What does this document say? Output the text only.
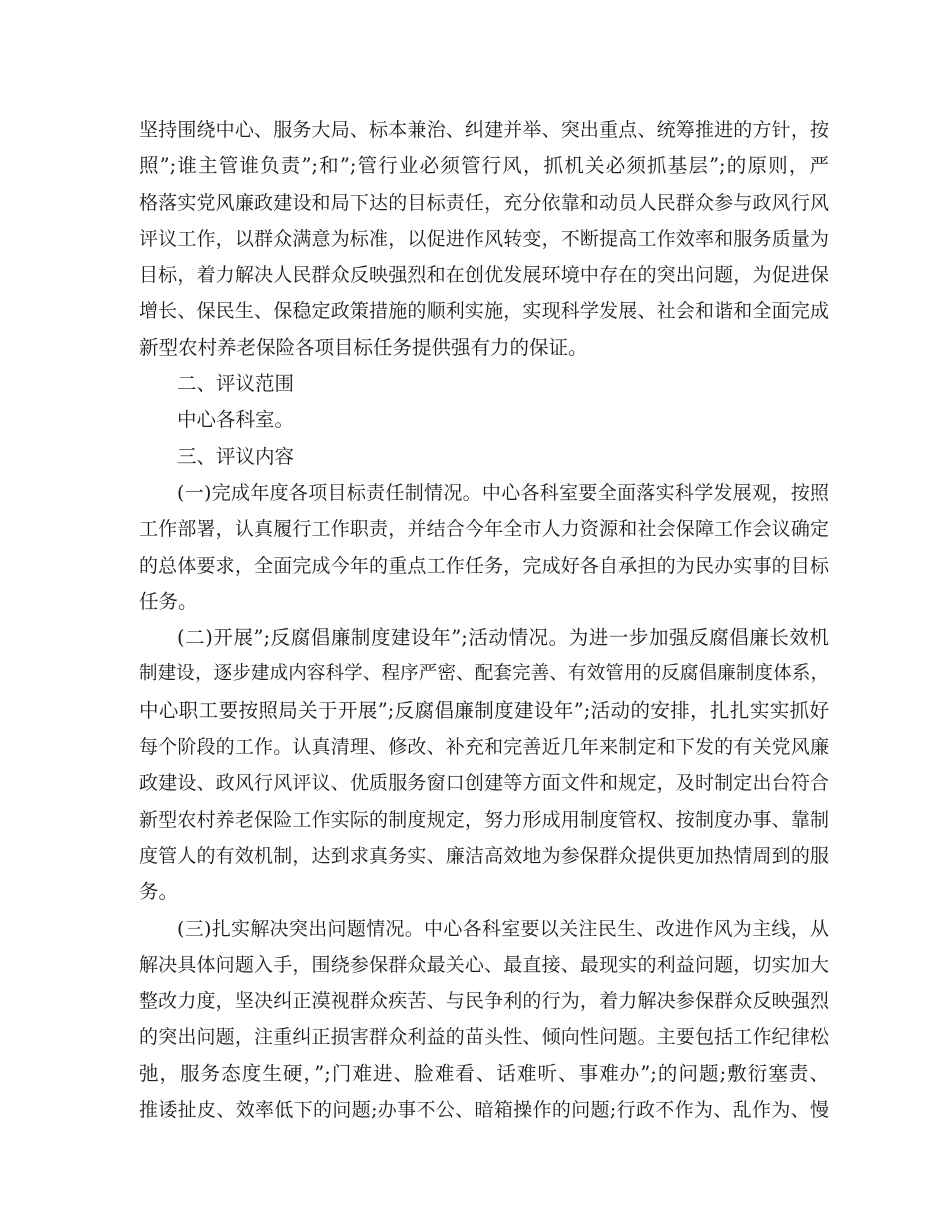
坚持围绕中心、服务大局、标本兼治、纠建并举、突出重点、统筹推进的方针，按
照”;谁主管谁负责”;和”;管行业必须管行风，抓机关必须抓基层”;的原则，严
格落实党风廉政建设和局下达的目标责任，充分依靠和动员人民群众参与政风行风
评议工作，以群众满意为标准，以促进作风转变，不断提高工作效率和服务质量为
目标，着力解决人民群众反映强烈和在创优发展环境中存在的突出问题，为促进保
增长、保民生、保稳定政策措施的顺利实施，实现科学发展、社会和谐和全面完成
新型农村养老保险各项目标任务提供强有力的保证。
二、评议范围
中心各科室。
三、评议内容
(一)完成年度各项目标责任制情况。中心各科室要全面落实科学发展观，按照
工作部署，认真履行工作职责，并结合今年全市人力资源和社会保障工作会议确定
的总体要求，全面完成今年的重点工作任务，完成好各自承担的为民办实事的目标
任务。
(二)开展”;反腐倡廉制度建设年”;活动情况。为进一步加强反腐倡廉长效机
制建设，逐步建成内容科学、程序严密、配套完善、有效管用的反腐倡廉制度体系，
中心职工要按照局关于开展”;反腐倡廉制度建设年”;活动的安排，扎扎实实抓好
每个阶段的工作。认真清理、修改、补充和完善近几年来制定和下发的有关党风廉
政建设、政风行风评议、优质服务窗口创建等方面文件和规定，及时制定出台符合
新型农村养老保险工作实际的制度规定，努力形成用制度管权、按制度办事、靠制
度管人的有效机制，达到求真务实、廉洁高效地为参保群众提供更加热情周到的服
务。
(三)扎实解决突出问题情况。中心各科室要以关注民生、改进作风为主线，从
解决具体问题入手，围绕参保群众最关心、最直接、最现实的利益问题，切实加大
整改力度，坚决纠正漠视群众疾苦、与民争利的行为，着力解决参保群众反映强烈
的突出问题，注重纠正损害群众利益的苗头性、倾向性问题。主要包括工作纪律松
弛，服务态度生硬，”;门难进、脸难看、话难听、事难办”;的问题;敷衍塞责、
推诿扯皮、效率低下的问题;办事不公、暗箱操作的问题;行政不作为、乱作为、慢
